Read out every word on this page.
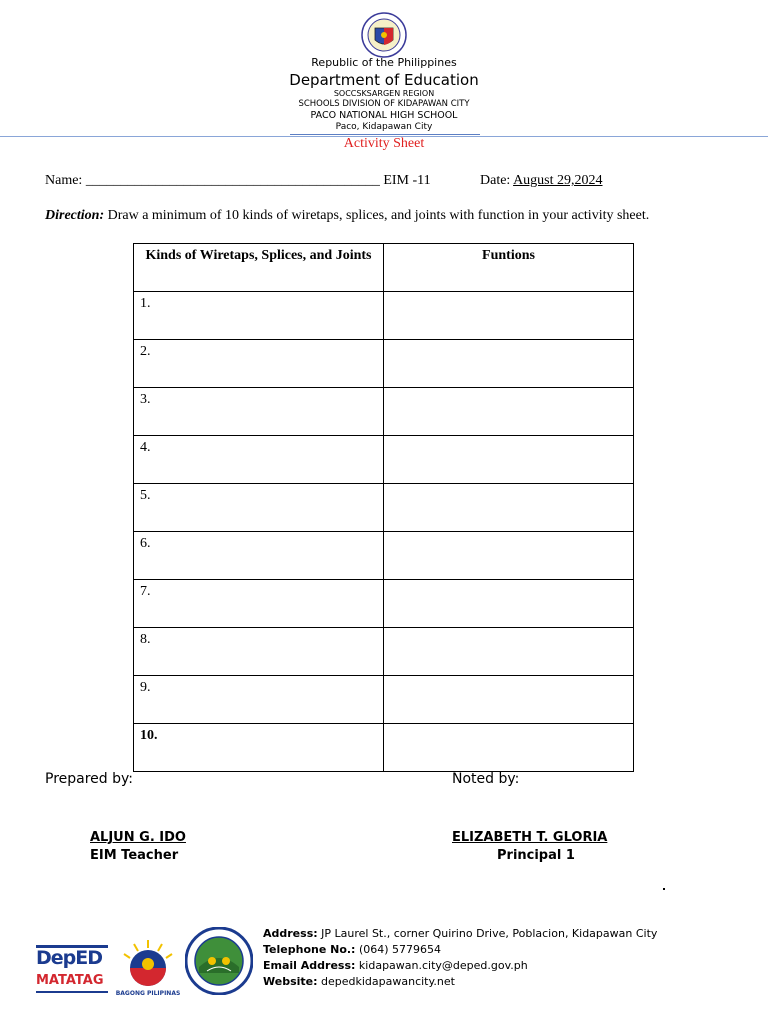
Republic of the Philippines
Department of Education
SOCCSKSARGEN REGION
SCHOOLS DIVISION OF KIDAPAWAN CITY
PACO NATIONAL HIGH SCHOOL
Paco, Kidapawan City
Activity Sheet
Name: __________________________________________ EIM -11	Date: August 29,2024
Direction: Draw a minimum of 10 kinds of wiretaps, splices, and joints with function in your activity sheet.
Kinds of Wiretaps, Splices, and Joints	Funtions
1.	
2.	
3.	
4.	
5.	
6.	
7.	
8.	
9.	
10.	
Prepared by:	Noted by:
ALJUN G. IDO
EIM Teacher
ELIZABETH T. GLORIA
Principal 1
DepED
MATATAG
BAGONG PILIPINAS
Address: JP Laurel St., corner Quirino Drive, Poblacion, Kidapawan City
Telephone No.: (064) 5779654
Email Address: kidapawan.city@deped.gov.ph
Website: depedkidapawancity.net
